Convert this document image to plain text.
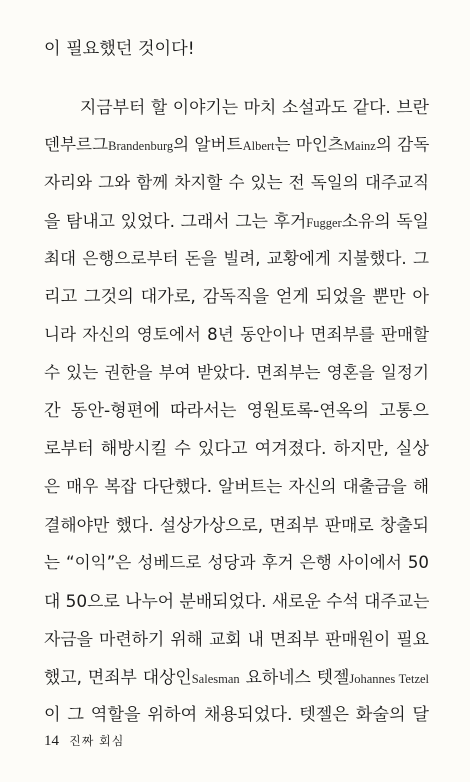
이 필요했던 것이다!
지금부터 할 이야기는 마치 소설과도 같다. 브란
덴부르그Brandenburg의 알버트Albert는 마인츠Mainz의 감독
자리와 그와 함께 차지할 수 있는 전 독일의 대주교직
을 탐내고 있었다. 그래서 그는 후거Fugger소유의 독일
최대 은행으로부터 돈을 빌려, 교황에게 지불했다. 그
리고 그것의 대가로, 감독직을 얻게 되었을 뿐만 아
니라 자신의 영토에서 8년 동안이나 면죄부를 판매할
수 있는 권한을 부여 받았다. 면죄부는 영혼을 일정기
간 동안-형편에 따라서는 영원토록-연옥의 고통으
로부터 해방시킬 수 있다고 여겨졌다. 하지만, 실상
은 매우 복잡 다단했다. 알버트는 자신의 대출금을 해
결해야만 했다. 설상가상으로, 면죄부 판매로 창출되
는 “이익”은 성베드로 성당과 후거 은행 사이에서 50
대 50으로 나누어 분배되었다. 새로운 수석 대주교는
자금을 마련하기 위해 교회 내 면죄부 판매원이 필요
했고, 면죄부 대상인Salesman 요하네스 텟젤Johannes Tetzel
이 그 역할을 위하여 채용되었다. 텟젤은 화술의 달
14 진짜 회심
